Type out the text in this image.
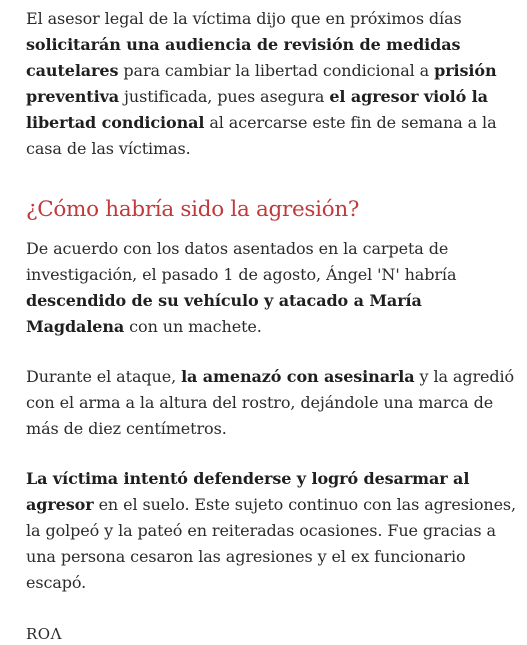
El asesor legal de la víctima dijo que en próximos días solicitarán una audiencia de revisión de medidas cautelares para cambiar la libertad condicional a prisión preventiva justificada, pues asegura el agresor violó la libertad condicional al acercarse este fin de semana a la casa de las víctimas.

¿Cómo habría sido la agresión?

De acuerdo con los datos asentados en la carpeta de investigación, el pasado 1 de agosto, Ángel 'N' habría descendido de su vehículo y atacado a María Magdalena con un machete.

Durante el ataque, la amenazó con asesinarla y la agredió con el arma a la altura del rostro, dejándole una marca de más de diez centímetros.

La víctima intentó defenderse y logró desarmar al agresor en el suelo. Este sujeto continuo con las agresiones, la golpeó y la pateó en reiteradas ocasiones. Fue gracias a una persona cesaron las agresiones y el ex funcionario escapó.

ROΛ
